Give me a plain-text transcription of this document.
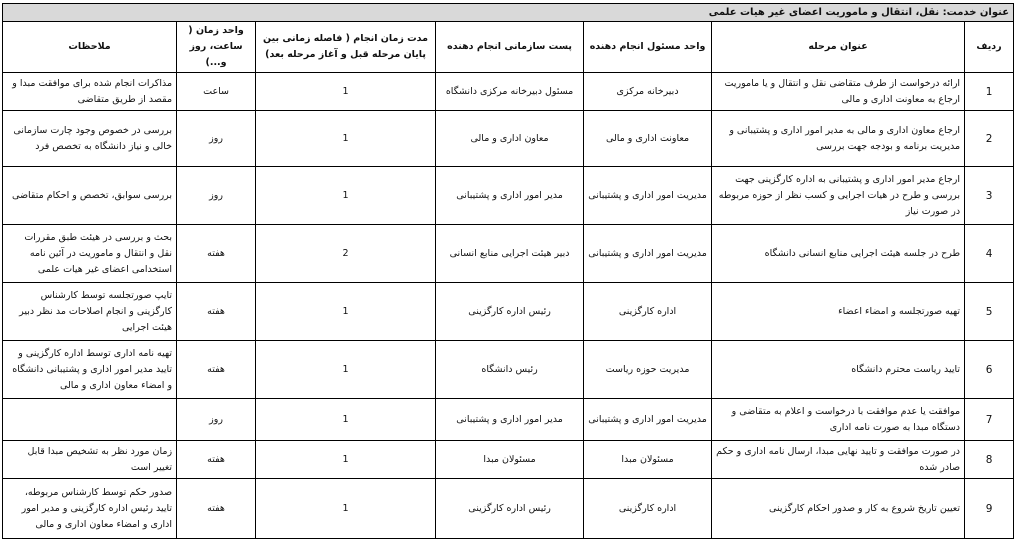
عنوان خدمت: نقل، انتقال و ماموریت اعضای غیر هیات علمی						
ردیف	عنوان مرحله	واحد مسئول انجام دهنده	پست سازمانی انجام دهنده	مدت زمان انجام ( فاصله زمانی بین پایان مرحله قبل و آغاز مرحله بعد)	واحد زمان ( ساعت، روز و...)	ملاحظات
1	ارائه درخواست از طرف متقاضی نقل و انتقال و یا ماموریت ارجاع به معاونت اداری و مالی	دبیرخانه مرکزی	مسئول دبیرخانه مرکزی دانشگاه	1	ساعت	مذاکرات انجام شده برای موافقت مبدا و مقصد از طریق متقاضی
2	ارجاع معاون اداری و مالی به مدیر امور اداری و پشتیبانی و مدیریت برنامه و بودجه جهت بررسی	معاونت اداری و مالی	معاون اداری و مالی	1	روز	بررسی در خصوص وجود چارت سازمانی خالی و نیاز دانشگاه به تخصص فرد
3	ارجاع مدیر امور اداری و پشتیبانی به اداره کارگزینی جهت بررسی و طرح در هیات اجرایی و کسب نظر از حوزه مربوطه در صورت نیاز	مدیریت امور اداری و پشتیبانی	مدیر امور اداری و پشتیبانی	1	روز	بررسی سوابق، تخصص و احکام متقاضی
4	طرح در جلسه هیئت اجرایی منابع انسانی دانشگاه	مدیریت امور اداری و پشتیبانی	دبیر هیئت اجرایی منابع انسانی	2	هفته	بحث و بررسی در هیئت طبق مقررات نقل و انتقال و ماموریت در آئین نامه استخدامی اعضای غیر هیات علمی
5	تهیه صورتجلسه و امضاء اعضاء	اداره کارگزینی	رئیس اداره کارگزینی	1	هفته	تایپ صورتجلسه توسط کارشناس کارگزینی و انجام اصلاحات مد نظر دبیر هیئت اجرایی
6	تایید ریاست محترم دانشگاه	مدیریت حوزه ریاست	رئیس دانشگاه	1	هفته	تهیه نامه اداری توسط اداره کارگزینی و تایید مدیر امور اداری و پشتیبانی دانشگاه و امضاء معاون اداری و مالی
7	موافقت یا عدم موافقت با درخواست و اعلام به متقاضی و دستگاه مبدا به صورت نامه اداری	مدیریت امور اداری و پشتیبانی	مدیر امور اداری و پشتیبانی	1	روز	
8	در صورت موافقت و تایید نهایی مبدا، ارسال نامه اداری و حکم صادر شده	مسئولان مبدا	مسئولان مبدا	1	هفته	زمان مورد نظر به تشخیص مبدا قابل تغییر است
9	تعیین تاریخ شروع به کار و صدور احکام کارگزینی	اداره کارگزینی	رئیس اداره کارگزینی	1	هفته	صدور حکم توسط کارشناس مربوطه، تایید رئیس اداره کارگزینی و مدیر امور اداری و امضاء معاون اداری و مالی
